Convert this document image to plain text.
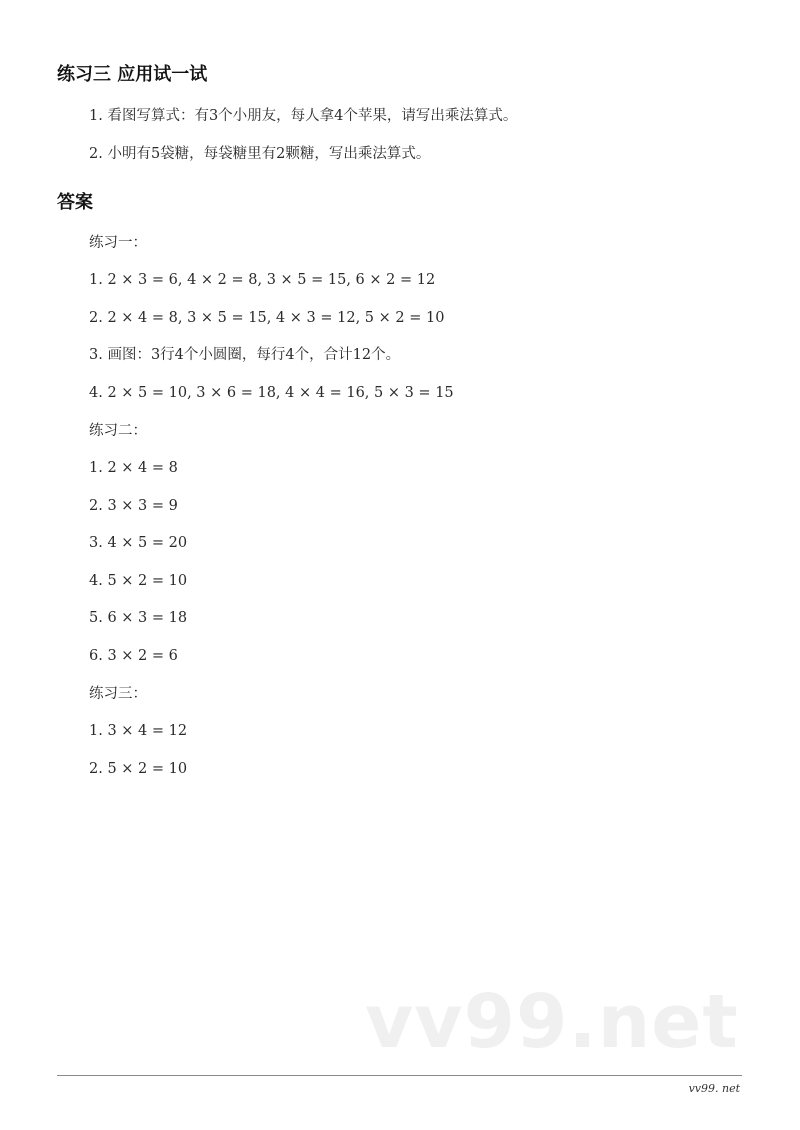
练习三 应用试一试
1. 看图写算式：有3个小朋友，每人拿4个苹果，请写出乘法算式。
2. 小明有5袋糖，每袋糖里有2颗糖，写出乘法算式。
答案
练习一：
1. 2 × 3 = 6, 4 × 2 = 8, 3 × 5 = 15, 6 × 2 = 12
2. 2 × 4 = 8, 3 × 5 = 15, 4 × 3 = 12, 5 × 2 = 10
3. 画图：3行4个小圆圈，每行4个，合计12个。
4. 2 × 5 = 10, 3 × 6 = 18, 4 × 4 = 16, 5 × 3 = 15
练习二：
1. 2 × 4 = 8
2. 3 × 3 = 9
3. 4 × 5 = 20
4. 5 × 2 = 10
5. 6 × 3 = 18
6. 3 × 2 = 6
练习三：
1. 3 × 4 = 12
2. 5 × 2 = 10
vv99.net
vv99. net
